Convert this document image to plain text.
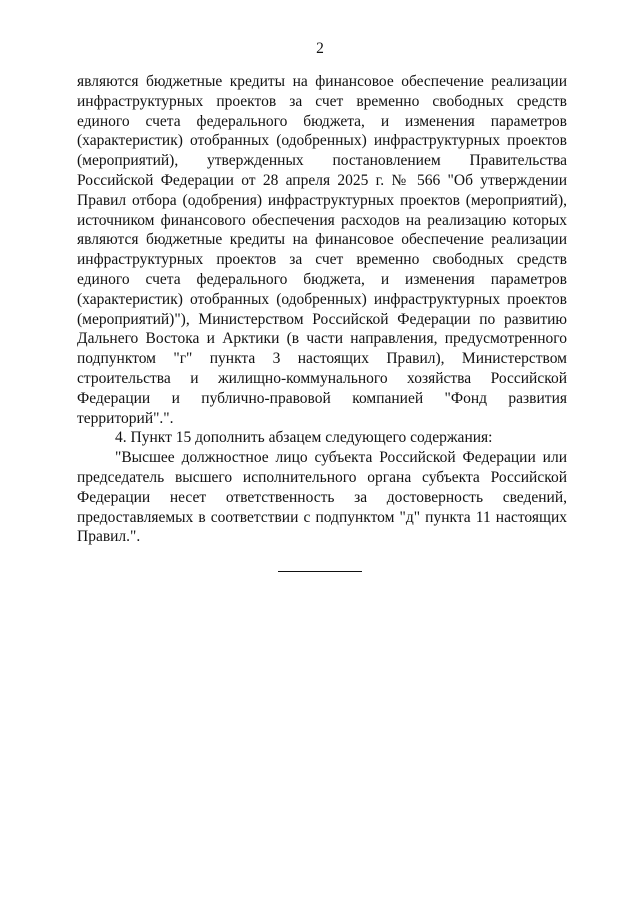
2

являются бюджетные кредиты на финансовое обеспечение реализации инфраструктурных проектов за счет временно свободных средств единого счета федерального бюджета, и изменения параметров (характеристик) отобранных (одобренных) инфраструктурных проектов (мероприятий), утвержденных постановлением Правительства Российской Федерации от 28 апреля 2025 г. № 566 "Об утверждении Правил отбора (одобрения) инфраструктурных проектов (мероприятий), источником финансового обеспечения расходов на реализацию которых являются бюджетные кредиты на финансовое обеспечение реализации инфраструктурных проектов за счет временно свободных средств единого счета федерального бюджета, и изменения параметров (характеристик) отобранных (одобренных) инфраструктурных проектов (мероприятий)"), Министерством Российской Федерации по развитию Дальнего Востока и Арктики (в части направления, предусмотренного подпунктом "г" пункта 3 настоящих Правил), Министерством строительства и жилищно-коммунального хозяйства Российской Федерации и публично-правовой компанией "Фонд развития территорий".".

4. Пункт 15 дополнить абзацем следующего содержания:

"Высшее должностное лицо субъекта Российской Федерации или председатель высшего исполнительного органа субъекта Российской Федерации несет ответственность за достоверность сведений, предоставляемых в соответствии с подпунктом "д" пункта 11 настоящих Правил.".
